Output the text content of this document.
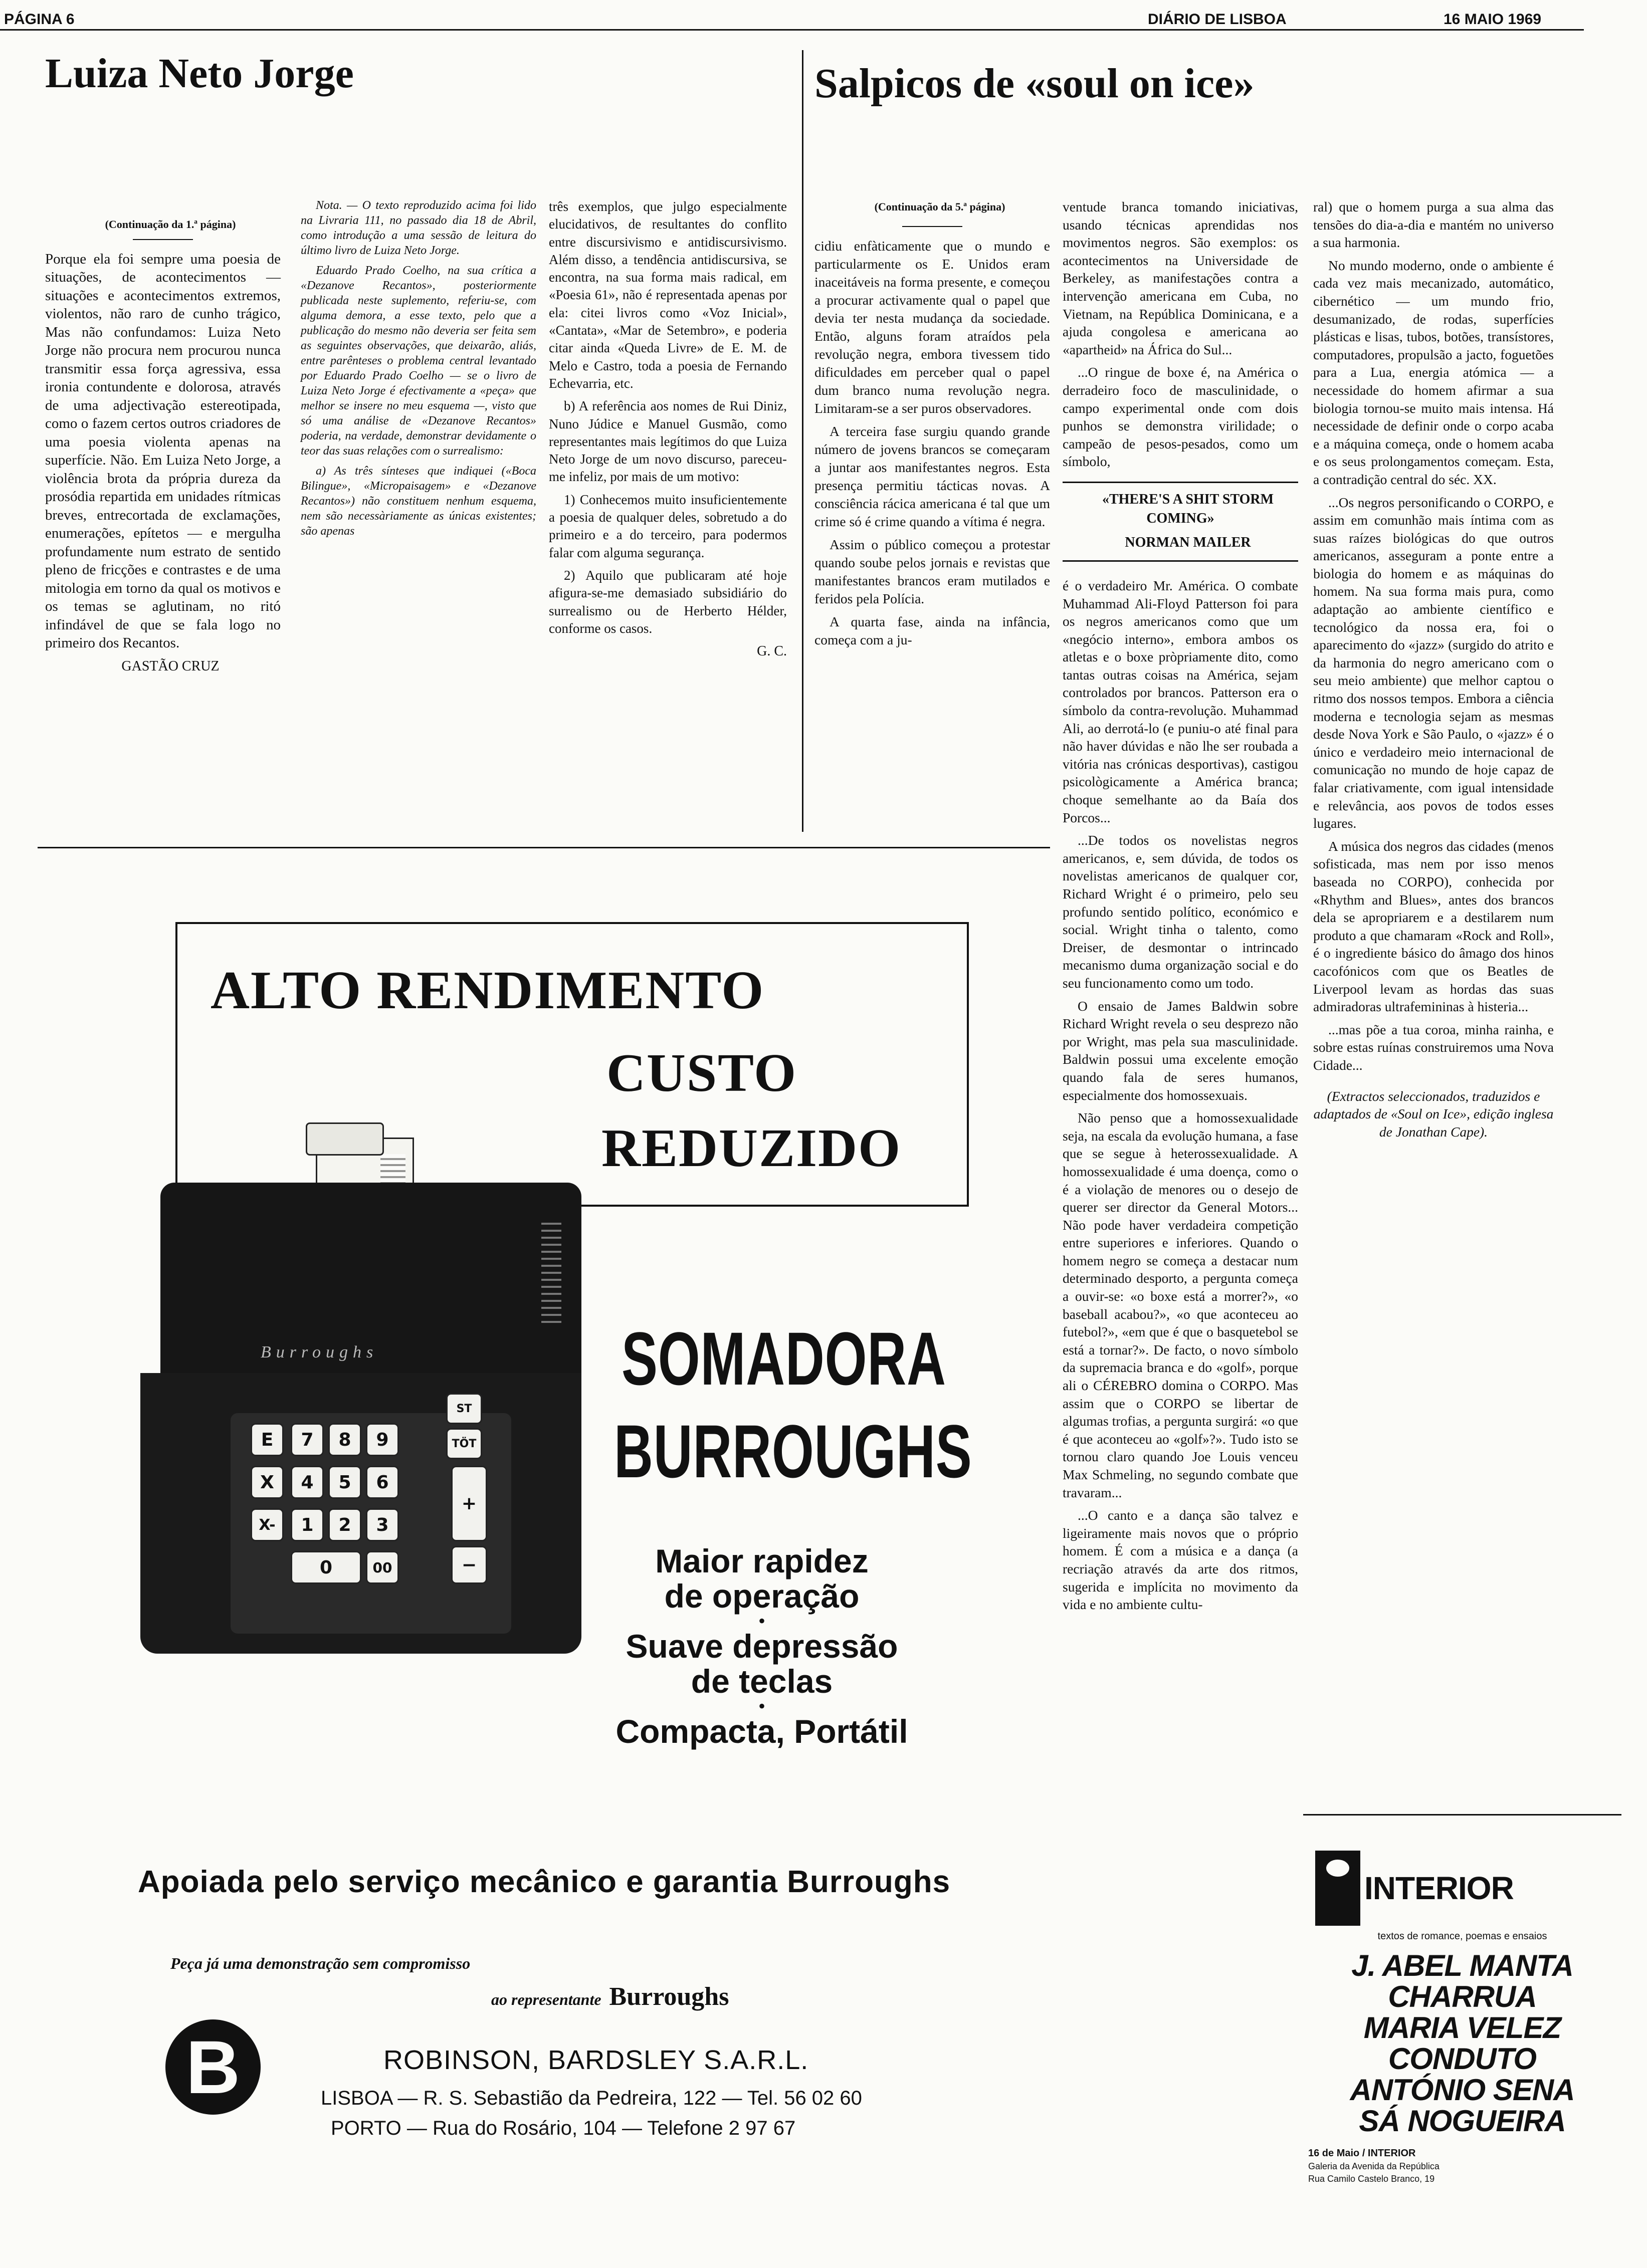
PÁGINA 6	DIÁRIO DE LISBOA	16 MAIO 1969
Luiza Neto Jorge	Salpicos de «soul on ice»

(Continuação da 1.ª página)

Porque ela foi sempre uma poesia de situações, de acontecimentos — situações e acontecimentos extremos, violentos, não raro de cunho trágico, Mas não confundamos: Luiza Neto Jorge não procura nem procurou nunca transmitir essa força agressiva, essa ironia contundente e dolorosa, através de uma adjectivação estereotipada, como o fazem certos outros criadores de uma poesia violenta apenas na superfície. Não. Em Luiza Neto Jorge, a violência brota da própria dureza da prosódia repartida em unidades rítmicas breves, entrecortada de exclamações, enumerações, epítetos — e mergulha profundamente num estrato de sentido pleno de fricções e contrastes e de uma mitologia em torno da qual os motivos e os temas se aglutinam, no ritó infindável de que se fala logo no primeiro dos Recantos.

GASTÃO CRUZ

Nota. — O texto reproduzido acima foi lido na Livraria 111, no passado dia 18 de Abril, como introdução a uma sessão de leitura do último livro de Luiza Neto Jorge.

Eduardo Prado Coelho, na sua crítica a «Dezanove Recantos», posteriormente publicada neste suplemento, referiu-se, com alguma demora, a esse texto, pelo que a publicação do mesmo não deveria ser feita sem as seguintes observações, que deixarão, aliás, entre parênteses o problema central levantado por Eduardo Prado Coelho — se o livro de Luiza Neto Jorge é efectivamente a «peça» que melhor se insere no meu esquema —, visto que só uma análise de «Dezanove Recantos» poderia, na verdade, demonstrar devidamente o teor das suas relações com o surrealismo:

a) As três sínteses que indiquei («Boca Bilingue», «Micropaisagem» e «Dezanove Recantos») não constituem nenhum esquema, nem são necessàriamente as únicas existentes; são apenas

três exemplos, que julgo especialmente elucidativos, de resultantes do conflito entre discursivismo e antidiscursivismo. Além disso, a tendência antidiscursiva, se encontra, na sua forma mais radical, em «Poesia 61», não é representada apenas por ela: citei livros como «Voz Inicial», «Cantata», «Mar de Setembro», e poderia citar ainda «Queda Livre» de E. M. de Melo e Castro, toda a poesia de Fernando Echevarria, etc.

b) A referência aos nomes de Rui Diniz, Nuno Júdice e Manuel Gusmão, como representantes mais legítimos do que Luiza Neto Jorge de um novo discurso, pareceu-me infeliz, por mais de um motivo:

1) Conhecemos muito insuficientemente a poesia de qualquer deles, sobretudo a do primeiro e a do terceiro, para podermos falar com alguma segurança.

2) Aquilo que publicaram até hoje afigura-se-me demasiado subsidiário do surrealismo ou de Herberto Hélder, conforme os casos.

G. C.

(Continuação da 5.ª página)

cidiu enfàticamente que o mundo e particularmente os E. Unidos eram inaceitáveis na forma presente, e começou a procurar activamente qual o papel que devia ter nesta mudança da sociedade. Então, alguns foram atraídos pela revolução negra, embora tivessem tido dificuldades em perceber qual o papel dum branco numa revolução negra. Limitaram-se a ser puros observadores.

A terceira fase surgiu quando grande número de jovens brancos se começaram a juntar aos manifestantes negros. Esta presença permitiu tácticas novas. A consciência rácica americana é tal que um crime só é crime quando a vítima é negra.

Assim o público começou a protestar quando soube pelos jornais e revistas que manifestantes brancos eram mutilados e feridos pela Polícia.

A quarta fase, ainda na infância, começa com a ju-

ventude branca tomando iniciativas, usando técnicas aprendidas nos movimentos negros. São exemplos: os acontecimentos na Universidade de Berkeley, as manifestações contra a intervenção americana em Cuba, no Vietnam, na República Dominicana, e a ajuda congolesa e americana ao «apartheid» na África do Sul...

...O ringue de boxe é, na América o derradeiro foco de masculinidade, o campo experimental onde com dois punhos se demonstra virilidade; o campeão de pesos-pesados, como um símbolo,

«THERE'S A SHIT STORM COMING»

NORMAN MAILER

é o verdadeiro Mr. América. O combate Muhammad Ali-Floyd Patterson foi para os negros americanos como que um «negócio interno», embora ambos os atletas e o boxe pròpriamente dito, como tantas outras coisas na América, sejam controlados por brancos. Patterson era o símbolo da contra-revolução. Muhammad Ali, ao derrotá-lo (e puniu-o até final para não haver dúvidas e não lhe ser roubada a vitória nas crónicas desportivas), castigou psicològicamente a América branca; choque semelhante ao da Baía dos Porcos...

...De todos os novelistas negros americanos, e, sem dúvida, de todos os novelistas americanos de qualquer cor, Richard Wright é o primeiro, pelo seu profundo sentido político, económico e social. Wright tinha o talento, como Dreiser, de desmontar o intrincado mecanismo duma organização social e do seu funcionamento como um todo.

O ensaio de James Baldwin sobre Richard Wright revela o seu desprezo não por Wright, mas pela sua masculinidade. Baldwin possui uma excelente emoção quando fala de seres humanos, especialmente dos homossexuais.

Não penso que a homossexualidade seja, na escala da evolução humana, a fase que se segue à heterossexualidade. A homossexualidade é uma doença, como o é a violação de menores ou o desejo de querer ser director da General Motors... Não pode haver verdadeira competição entre superiores e inferiores. Quando o homem negro se começa a destacar num determinado desporto, a pergunta começa a ouvir-se: «o boxe está a morrer?», «o baseball acabou?», «o que aconteceu ao futebol?», «em que é que o basquetebol se está a tornar?». De facto, o novo símbolo da supremacia branca e do «golf», porque ali o CÉREBRO domina o CORPO. Mas assim que o CORPO se libertar de algumas trofias, a pergunta surgirá: «o que é que aconteceu ao «golf»?». Tudo isto se tornou claro quando Joe Louis venceu Max Schmeling, no segundo combate que travaram...

...O canto e a dança são talvez e ligeiramente mais novos que o próprio homem. É com a música e a dança (a recriação através da arte dos ritmos, sugerida e implícita no movimento da vida e no ambiente cultu-

ral) que o homem purga a sua alma das tensões do dia-a-dia e mantém no universo a sua harmonia.

No mundo moderno, onde o ambiente é cada vez mais mecanizado, automático, cibernético — um mundo frio, desumanizado, de rodas, superfícies plásticas e lisas, tubos, botões, transístores, computadores, propulsão a jacto, foguetões para a Lua, energia atómica — a necessidade do homem afirmar a sua biologia tornou-se muito mais intensa. Há necessidade de definir onde o corpo acaba e a máquina começa, onde o homem acaba e os seus prolongamentos começam. Esta, a contradição central do séc. XX.

...Os negros personificando o CORPO, e assim em comunhão mais íntima com as suas raízes biológicas do que outros americanos, asseguram a ponte entre a biologia do homem e as máquinas do homem. Na sua forma mais pura, como adaptação ao ambiente científico e tecnológico da nossa era, foi o aparecimento do «jazz» (surgido do atrito e da harmonia do negro americano com o seu meio ambiente) que melhor captou o ritmo dos nossos tempos. Embora a ciência moderna e tecnologia sejam as mesmas desde Nova York e São Paulo, o «jazz» é o único e verdadeiro meio internacional de comunicação no mundo de hoje capaz de falar criativamente, com igual intensidade e relevância, aos povos de todos esses lugares.

A música dos negros das cidades (menos sofisticada, mas nem por isso menos baseada no CORPO), conhecida por «Rhythm and Blues», antes dos brancos dela se apropriarem e a destilarem num produto a que chamaram «Rock and Roll», é o ingrediente básico do âmago dos hinos cacofónicos com que os Beatles de Liverpool levam as hordas das suas admiradoras ultrafemininas à histeria...

...mas põe a tua coroa, minha rainha, e sobre estas ruínas construiremos uma Nova Cidade...

(Extractos seleccionados, traduzidos e adaptados de «Soul on Ice», edição inglesa de Jonathan Cape).

INTERIOR
textos de romance, poemas e ensaios
J. ABEL MANTA
CHARRUA
MARIA VELEZ
CONDUTO
ANTÓNIO SENA
SÁ NOGUEIRA
16 de Maio / INTERIOR
Galeria da Avenida da República
Rua Camilo Castelo Branco, 19
ALTO RENDIMENTO
CUSTO
REDUZIDO
Burroughs
E
X
X-
7	8	9
4	5	6
1	2	3
0	00
ST
TÖT
+
−
SOMADORA
BURROUGHS
Maior rapidez
de operação
•
Suave depressão
de teclas
•
Compacta, Portátil
Apoiada pelo serviço mecânico e garantia Burroughs
Peça já uma demonstração sem compromisso
ao representante Burroughs
B	ROBINSON, BARDSLEY S.A.R.L.
LISBOA — R. S. Sebastião da Pedreira, 122 — Tel. 56 02 60
PORTO — Rua do Rosário, 104 — Telefone 2 97 67
